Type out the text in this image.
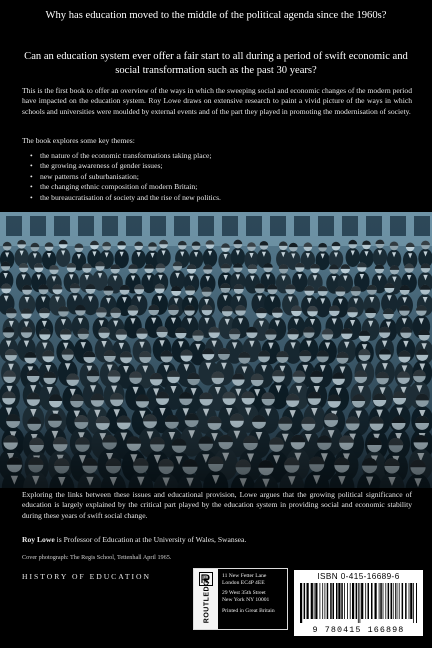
Why has education moved to the middle of the political agenda since the 1960s?
Can an education system ever offer a fair start to all during a period of swift economic and social transformation such as the past 30 years?
This is the first book to offer an overview of the ways in which the sweeping social and economic changes of the modern period have impacted on the education system. Roy Lowe draws on extensive research to paint a vivid picture of the ways in which schools and universities were moulded by external events and of the part they played in promoting the modernisation of society.
The book explores some key themes:
• the nature of the economic transformations taking place;
• the growing awareness of gender issues;
• new patterns of suburbanisation;
• the changing ethnic composition of modern Britain;
• the bureaucratisation of society and the rise of new politics.
Exploring the links between these issues and educational provision, Lowe argues that the growing political significance of education is largely explained by the critical part played by the education system in providing social and economic stability during these years of swift social change.
Roy Lowe is Professor of Education at the University of Wales, Swansea.
Cover photograph: The Regis School, Tettenhall April 1965.
HISTORY OF EDUCATION	ROUTLEDGE 11 New Fetter Lane
London EC4P 4EE
29 West 35th Street
New York NY 10001
Printed in Great Britain
ISBN 0-415-16689-6
9 780415 166898
